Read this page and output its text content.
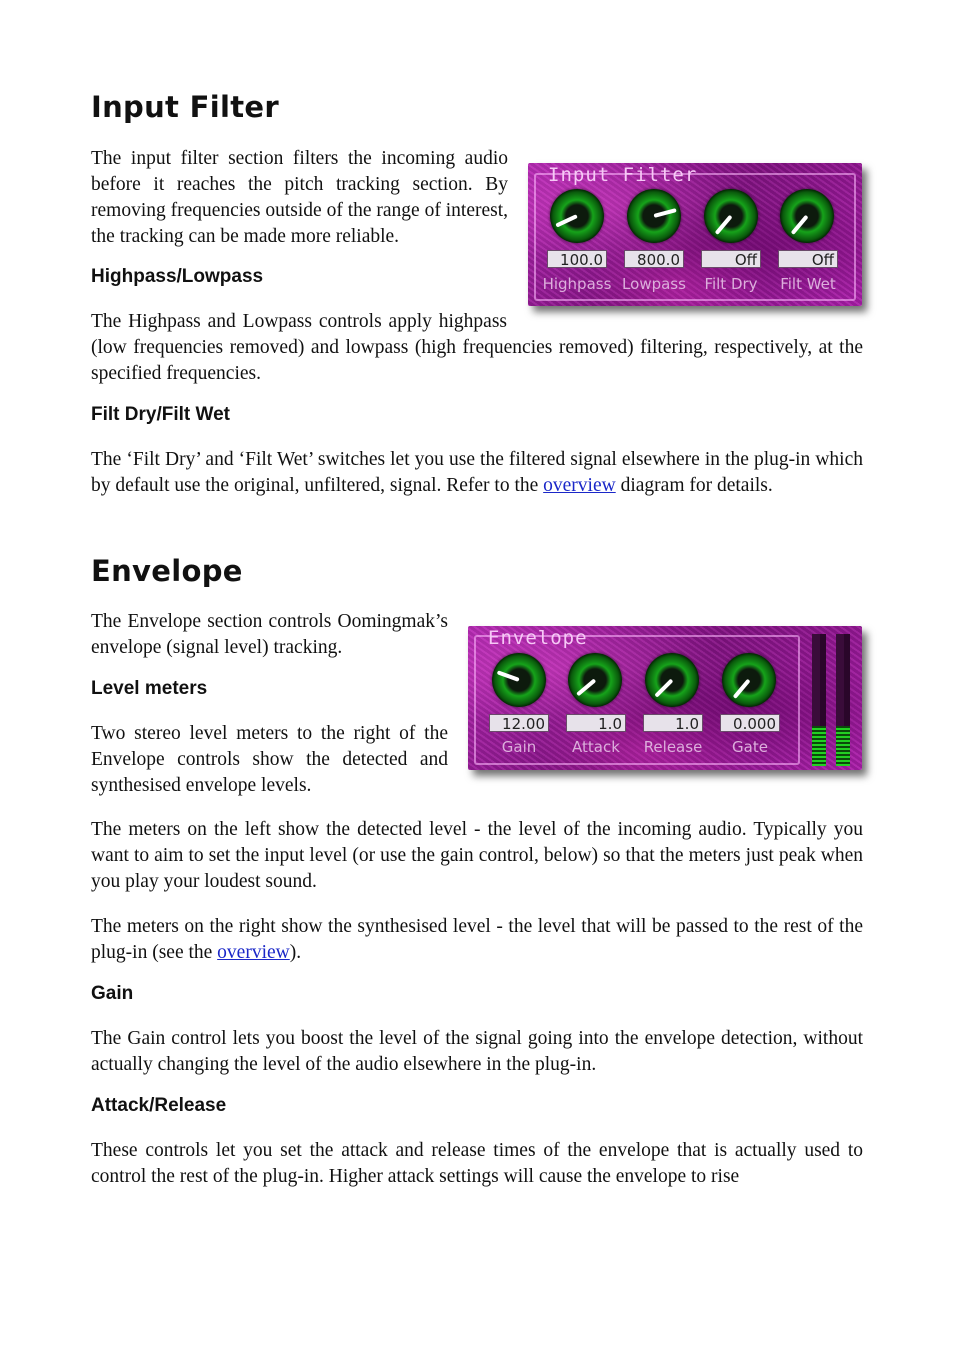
Input Filter

The input filter section filters the incoming audio before it reaches the pitch tracking section. By removing frequencies outside of the range of interest, the tracking can be made more reliable.

Highpass/Lowpass

The Highpass and Lowpass controls apply highpass (low frequencies removed) and lowpass (high frequencies removed) filtering, respectively, at the specified frequencies.

Filt Dry/Filt Wet

The ‘Filt Dry’ and ‘Filt Wet’ switches let you use the filtered signal elsewhere in the plug-in which by default use the original, unfiltered, signal. Refer to the overview diagram for details.

Envelope

The Envelope section controls Oomingmak’s envelope (signal level) tracking.

Level meters

Two stereo level meters to the right of the Envelope controls show the detected and synthesised envelope levels.

The meters on the left show the detected level - the level of the incoming audio. Typically you want to aim to set the input level (or use the gain control, below) so that the meters just peak when you play your loudest sound.

The meters on the right show the synthesised level - the level that will be passed to the rest of the plug-in (see the overview).

Gain

The Gain control lets you boost the level of the signal going into the envelope detection, without actually changing the level of the audio elsewhere in the plug-in.

Attack/Release

These controls let you set the attack and release times of the envelope that is actually used to control the rest of the plug-in. Higher attack settings will cause the envelope to rise

Input Filter
100.0	800.0	Off	Off
Highpass Lowpass	Filt Dry	Filt Wet
Envelope
12.00	1.0	1.0	0.000
Gain	Attack	Release	Gate
